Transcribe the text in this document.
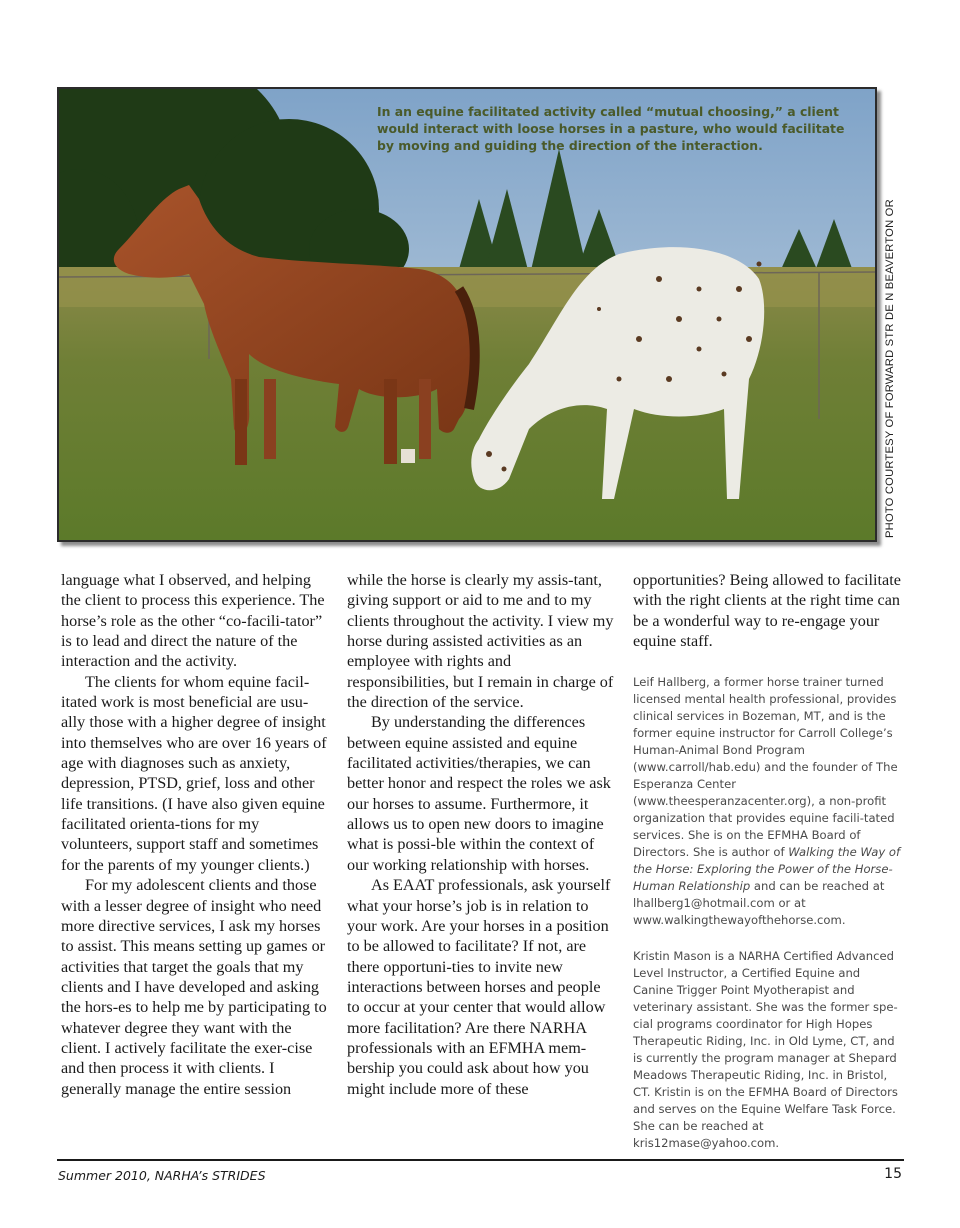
In an equine facilitated activity called “mutual choosing,” a client would interact with loose horses in a pasture, who would facilitate by moving and guiding the direction of the interaction.

PHOTO COURTESY OF FORWARD STR DE N BEAVERTON OR

language what I observed, and helping the client to process this experience. The horse’s role as the other “co-facili-tator” is to lead and direct the nature of the interaction and the activity.

The clients for whom equine facil-itated work is most beneficial are usu-ally those with a higher degree of insight into themselves who are over 16 years of age with diagnoses such as anxiety, depression, PTSD, grief, loss and other life transitions. (I have also given equine facilitated orienta-tions for my volunteers, support staff and sometimes for the parents of my younger clients.)

For my adolescent clients and those with a lesser degree of insight who need more directive services, I ask my horses to assist. This means setting up games or activities that target the goals that my clients and I have developed and asking the hors-es to help me by participating to whatever degree they want with the client. I actively facilitate the exer-cise and then process it with clients. I generally manage the entire session

while the horse is clearly my assis-tant, giving support or aid to me and to my clients throughout the activity. I view my horse during assisted activities as an employee with rights and responsibilities, but I remain in charge of the direction of the service.

By understanding the differences between equine assisted and equine facilitated activities/therapies, we can better honor and respect the roles we ask our horses to assume. Furthermore, it allows us to open new doors to imagine what is possi-ble within the context of our working relationship with horses.

As EAAT professionals, ask yourself what your horse’s job is in relation to your work. Are your horses in a position to be allowed to facilitate? If not, are there opportuni-ties to invite new interactions between horses and people to occur at your center that would allow more facilitation? Are there NARHA professionals with an EFMHA mem-bership you could ask about how you might include more of these

opportunities? Being allowed to facilitate with the right clients at the right time can be a wonderful way to re-engage your equine staff.

Leif Hallberg, a former horse trainer turned licensed mental health professional, provides clinical services in Bozeman, MT, and is the former equine instructor for Carroll College’s Human-Animal Bond Program (www.carroll/hab.edu) and the founder of The Esperanza Center (www.theesperanzacenter.org), a non-profit organization that provides equine facili-tated services. She is on the EFMHA Board of Directors. She is author of Walking the Way of the Horse: Exploring the Power of the Horse-Human Relationship and can be reached at lhallberg1@hotmail.com or at www.walkingthewayofthehorse.com.

Kristin Mason is a NARHA Certified Advanced Level Instructor, a Certified Equine and Canine Trigger Point Myotherapist and veterinary assistant. She was the former spe-cial programs coordinator for High Hopes Therapeutic Riding, Inc. in Old Lyme, CT, and is currently the program manager at Shepard Meadows Therapeutic Riding, Inc. in Bristol, CT. Kristin is on the EFMHA Board of Directors and serves on the Equine Welfare Task Force. She can be reached at kris12mase@yahoo.com.

Summer 2010, NARHA’s STRIDES	15
